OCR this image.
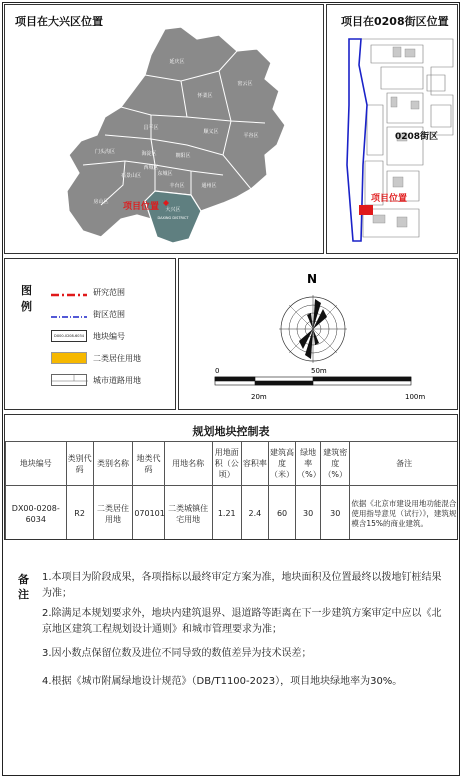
项目在大兴区位置
延庆区
怀柔区
密云区
昌平区
顺义区
平谷区
门头沟区	海淀区	朝阳区
石景山区	东城区
西城区
通州区
丰台区
房山区
大兴区
DAXING DISTRICT
项目位置
项目在0208街区位置
0208街区
项目位置
图例
研究范围
街区范围
DX00-0208-6034	地块编号
二类居住用地
城市道路用地
N
0	50m
20m	100m
规划地块控制表
地块编号	类别代码	类别名称	地类代码	用地名称	用地面积（公顷）	容积率	建筑高度（米）	绿地率（%）	建筑密度（%）	备注
DX00-0208-6034	R2	二类居住用地	070101	二类城镇住宅用地	1.21	2.4	60	30	30	依据《北京市建设用地功能混合使用指导意见（试行）》，建筑规模含15%的商业建筑。
备注
1.本项目为阶段成果，各项指标以最终审定方案为准，地块面积及位置最终以拨地钉桩结果为准；
2.除满足本规划要求外，地块内建筑退界、退道路等距离在下一步建筑方案审定中应以《北京地区建筑工程规划设计通则》和城市管理要求为准；
3.因小数点保留位数及进位不同导致的数值差异为技术误差；
4.根据《城市附属绿地设计规范》（DB/T1100-2023），项目地块绿地率为30%。
